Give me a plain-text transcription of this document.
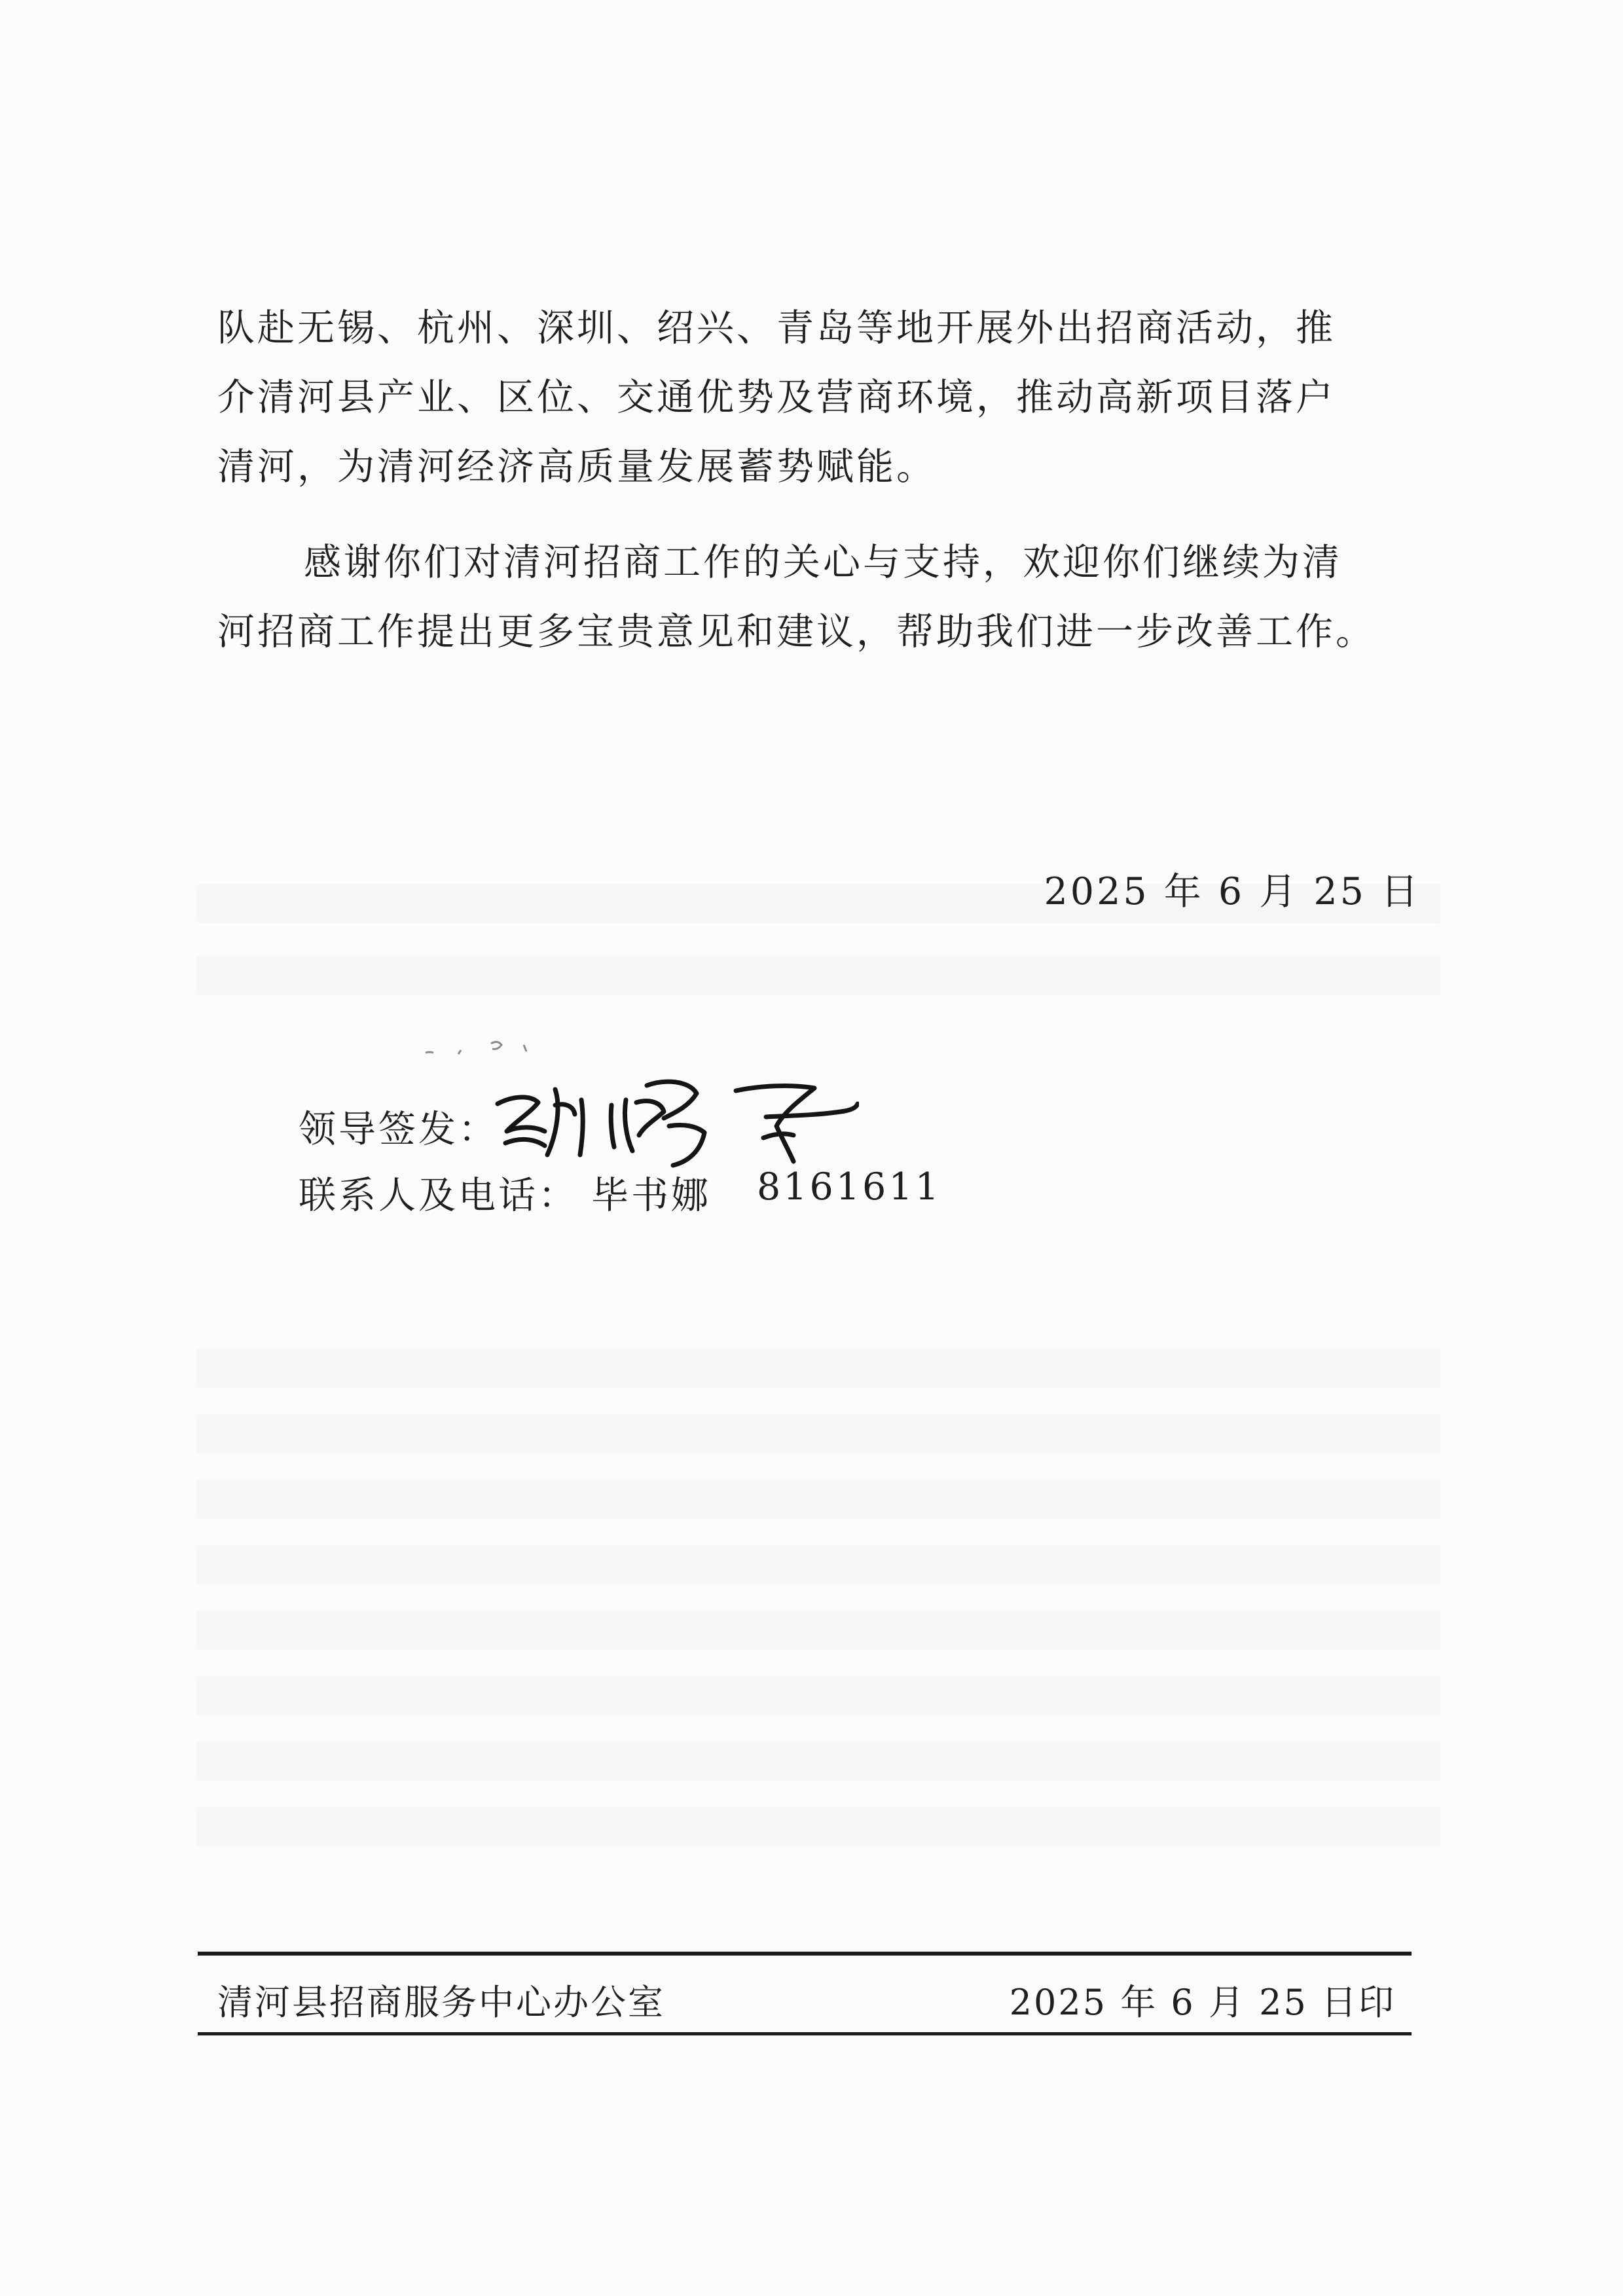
队赴无锡、杭州、深圳、绍兴、青岛等地开展外出招商活动，推
介清河县产业、区位、交通优势及营商环境，推动高新项目落户
清河，为清河经济高质量发展蓄势赋能。

感谢你们对清河招商工作的关心与支持，欢迎你们继续为清
河招商工作提出更多宝贵意见和建议，帮助我们进一步改善工作。

2025 年 6 月 25 日
领导签发：
联系人及电话： 毕书娜 8161611
清河县招商服务中心办公室	2025 年 6 月 25 日印
